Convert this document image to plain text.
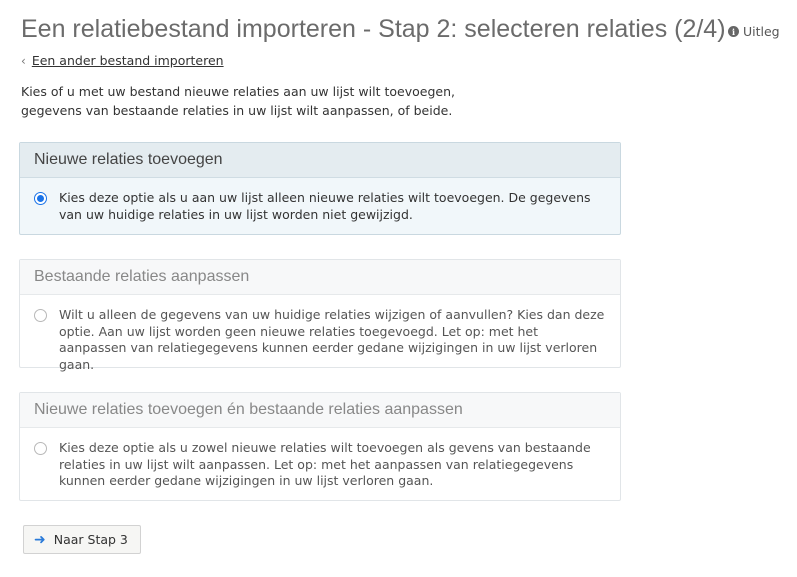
Een relatiebestand importeren - Stap 2: selecteren relaties (2/4) i Uitleg
‹ Een ander bestand importeren
Kies of u met uw bestand nieuwe relaties aan uw lijst wilt toevoegen,
gegevens van bestaande relaties in uw lijst wilt aanpassen, of beide.
Nieuwe relaties toevoegen
Kies deze optie als u aan uw lijst alleen nieuwe relaties wilt toevoegen. De gegevens van uw huidige relaties in uw lijst worden niet gewijzigd.
Bestaande relaties aanpassen
Wilt u alleen de gegevens van uw huidige relaties wijzigen of aanvullen? Kies dan deze optie. Aan uw lijst worden geen nieuwe relaties toegevoegd. Let op: met het aanpassen van relatiegegevens kunnen eerder gedane wijzigingen in uw lijst verloren gaan.
Nieuwe relaties toevoegen én bestaande relaties aanpassen
Kies deze optie als u zowel nieuwe relaties wilt toevoegen als gevens van bestaande relaties in uw lijst wilt aanpassen. Let op: met het aanpassen van relatiegegevens kunnen eerder gedane wijzigingen in uw lijst verloren gaan.
➜ Naar Stap 3
